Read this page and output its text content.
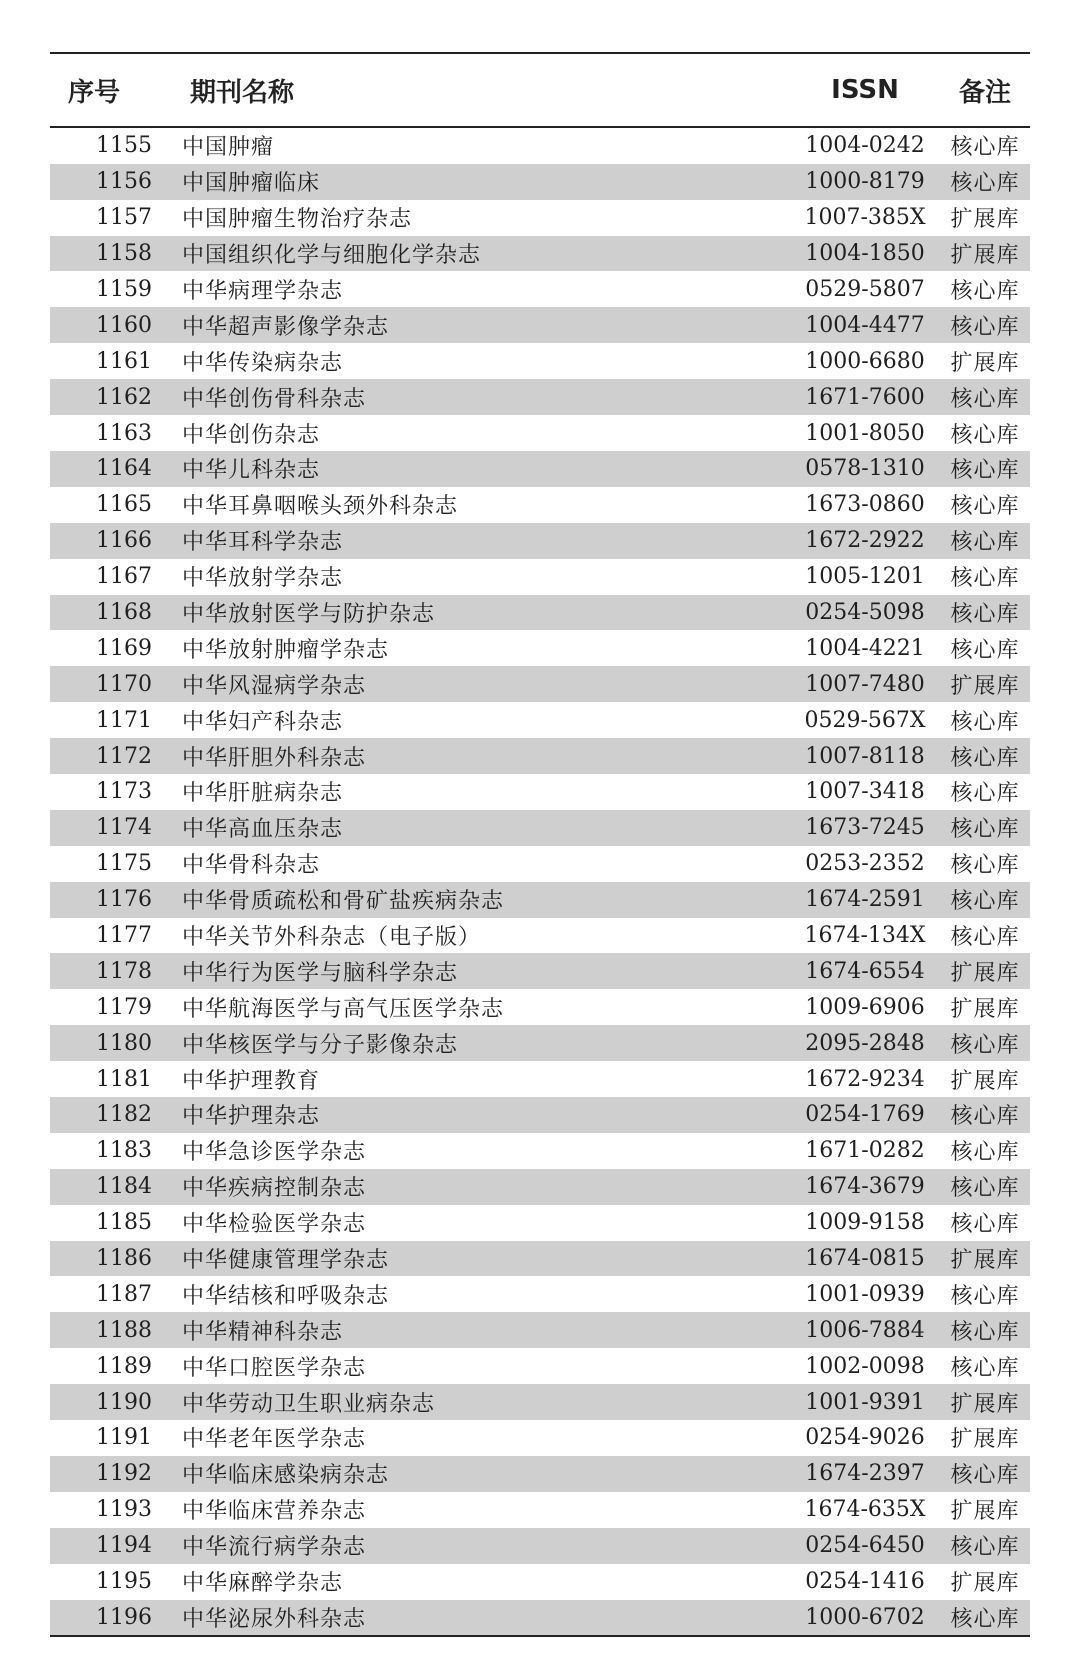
序号	期刊名称	ISSN	备注
1155	中国肿瘤	1004-0242	核心库
1156	中国肿瘤临床	1000-8179	核心库
1157	中国肿瘤生物治疗杂志	1007-385X	扩展库
1158	中国组织化学与细胞化学杂志	1004-1850	扩展库
1159	中华病理学杂志	0529-5807	核心库
1160	中华超声影像学杂志	1004-4477	核心库
1161	中华传染病杂志	1000-6680	扩展库
1162	中华创伤骨科杂志	1671-7600	核心库
1163	中华创伤杂志	1001-8050	核心库
1164	中华儿科杂志	0578-1310	核心库
1165	中华耳鼻咽喉头颈外科杂志	1673-0860	核心库
1166	中华耳科学杂志	1672-2922	核心库
1167	中华放射学杂志	1005-1201	核心库
1168	中华放射医学与防护杂志	0254-5098	核心库
1169	中华放射肿瘤学杂志	1004-4221	核心库
1170	中华风湿病学杂志	1007-7480	扩展库
1171	中华妇产科杂志	0529-567X	核心库
1172	中华肝胆外科杂志	1007-8118	核心库
1173	中华肝脏病杂志	1007-3418	核心库
1174	中华高血压杂志	1673-7245	核心库
1175	中华骨科杂志	0253-2352	核心库
1176	中华骨质疏松和骨矿盐疾病杂志	1674-2591	核心库
1177	中华关节外科杂志（电子版）	1674-134X	核心库
1178	中华行为医学与脑科学杂志	1674-6554	扩展库
1179	中华航海医学与高气压医学杂志	1009-6906	扩展库
1180	中华核医学与分子影像杂志	2095-2848	核心库
1181	中华护理教育	1672-9234	扩展库
1182	中华护理杂志	0254-1769	核心库
1183	中华急诊医学杂志	1671-0282	核心库
1184	中华疾病控制杂志	1674-3679	核心库
1185	中华检验医学杂志	1009-9158	核心库
1186	中华健康管理学杂志	1674-0815	扩展库
1187	中华结核和呼吸杂志	1001-0939	核心库
1188	中华精神科杂志	1006-7884	核心库
1189	中华口腔医学杂志	1002-0098	核心库
1190	中华劳动卫生职业病杂志	1001-9391	扩展库
1191	中华老年医学杂志	0254-9026	扩展库
1192	中华临床感染病杂志	1674-2397	核心库
1193	中华临床营养杂志	1674-635X	扩展库
1194	中华流行病学杂志	0254-6450	核心库
1195	中华麻醉学杂志	0254-1416	扩展库
1196	中华泌尿外科杂志	1000-6702	核心库
